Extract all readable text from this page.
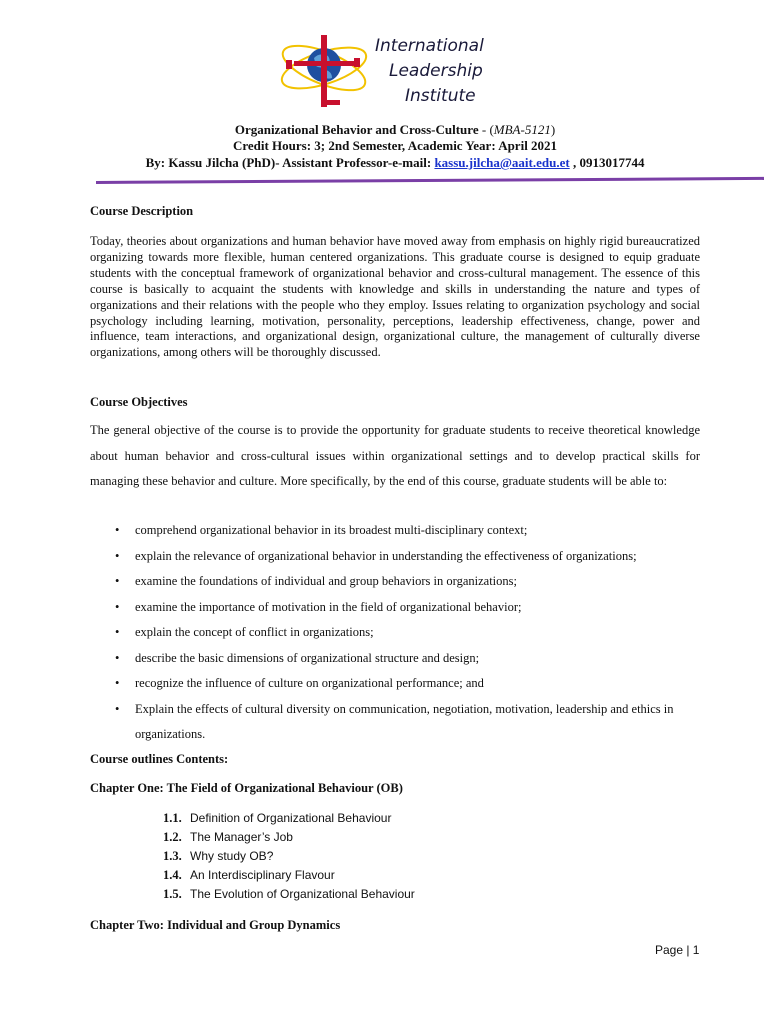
International
Leadership
Institute
Organizational Behavior and Cross-Culture - (MBA-5121)
Credit Hours: 3; 2nd Semester, Academic Year: April 2021
By: Kassu Jilcha (PhD)- Assistant Professor-e-mail: kassu.jilcha@aait.edu.et , 0913017744
Course Description
Today, theories about organizations and human behavior have moved away from emphasis on highly rigid bureaucratized organizing towards more flexible, human centered organizations. This graduate course is designed to equip graduate students with the conceptual framework of organizational behavior and cross-cultural management. The essence of this course is basically to acquaint the students with knowledge and skills in understanding the nature and types of organizations and their relations with the people who they employ. Issues relating to organization psychology and social psychology including learning, motivation, personality, perceptions, leadership effectiveness, change, power and influence, team interactions, and organizational design, organizational culture, the management of culturally diverse organizations, among others will be thoroughly discussed.
Course Objectives
The general objective of the course is to provide the opportunity for graduate students to receive theoretical knowledge about human behavior and cross-cultural issues within organizational settings and to develop practical skills for managing these behavior and culture. More specifically, by the end of this course, graduate students will be able to:
• comprehend organizational behavior in its broadest multi-disciplinary context;
• explain the relevance of organizational behavior in understanding the effectiveness of organizations;
• examine the foundations of individual and group behaviors in organizations;
• examine the importance of motivation in the field of organizational behavior;
• explain the concept of conflict in organizations;
• describe the basic dimensions of organizational structure and design;
• recognize the influence of culture on organizational performance; and
• Explain the effects of cultural diversity on communication, negotiation, motivation, leadership and ethics in organizations.
Course outlines Contents:
Chapter One: The Field of Organizational Behaviour (OB)
1.1. Definition of Organizational Behaviour
1.2. The Manager’s Job
1.3. Why study OB?
1.4. An Interdisciplinary Flavour
1.5. The Evolution of Organizational Behaviour
Chapter Two: Individual and Group Dynamics
Page | 1
